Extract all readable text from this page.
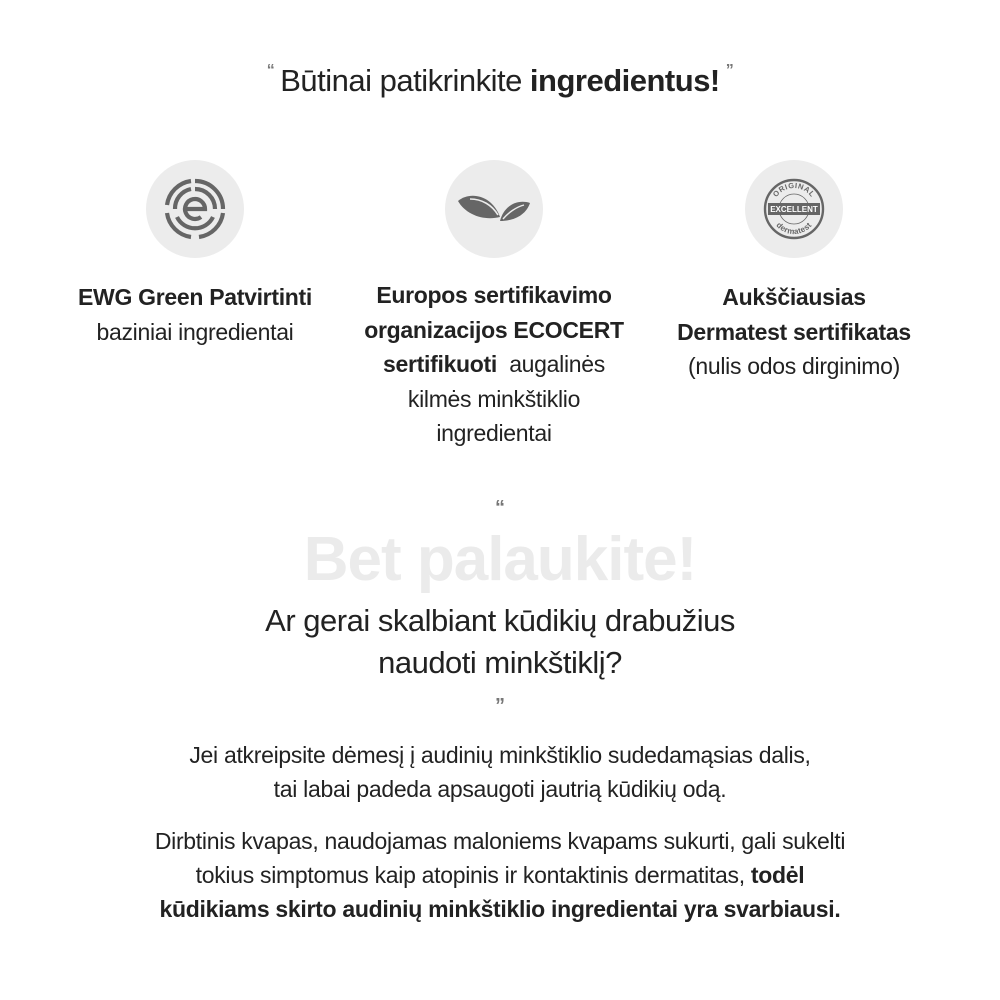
“ Būtinai patikrinkite ingredientus! ”
EWG Green Patvirtinti
baziniai ingredientai
Europos sertifikavimo
organizacijos ECOCERT
sertifikuoti  augalinės
kilmės minkštiklio
ingredientai
ORIGINAL
EXCELLENT
dermatest
Aukščiausias
Dermatest sertifikatas
(nulis odos dirginimo)
“
Bet palaukite!
Ar gerai skalbiant kūdikių drabužius
naudoti minkštiklį?
”
Jei atkreipsite dėmesį į audinių minkštiklio sudedamąsias dalis,
tai labai padeda apsaugoti jautrią kūdikių odą.
Dirbtinis kvapas, naudojamas maloniems kvapams sukurti, gali sukelti
tokius simptomus kaip atopinis ir kontaktinis dermatitas, todėl
kūdikiams skirto audinių minkštiklio ingredientai yra svarbiausi.
